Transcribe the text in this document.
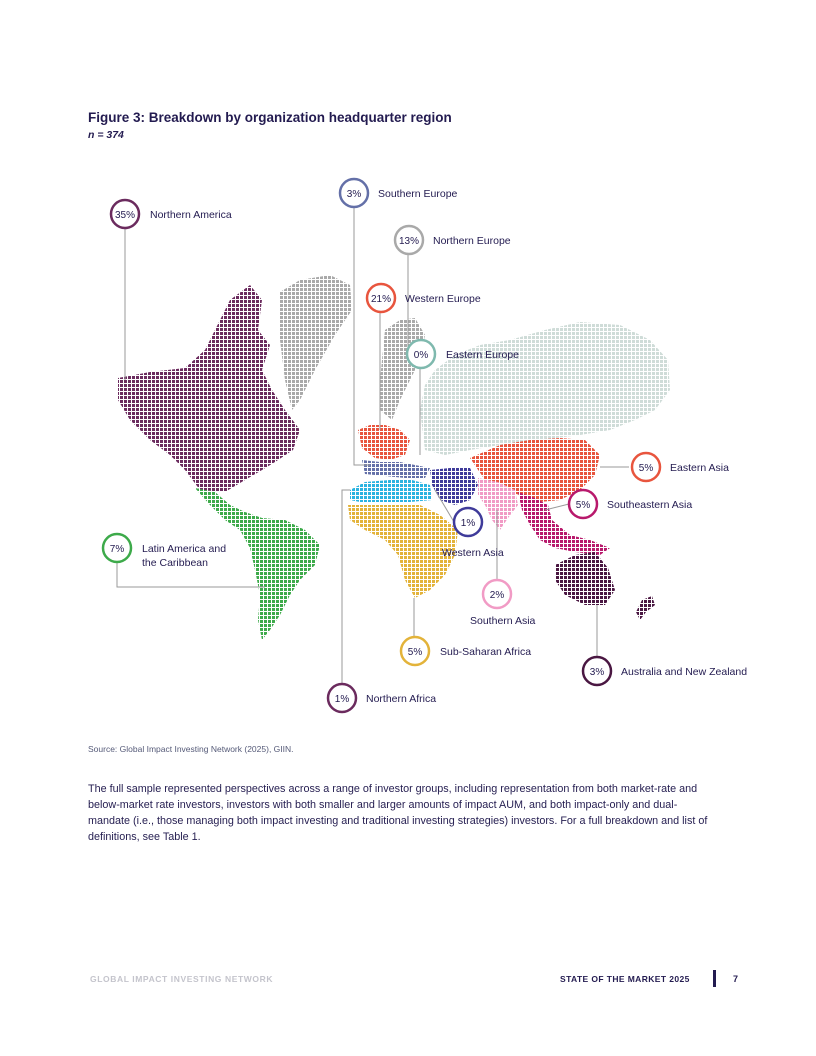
Figure 3: Breakdown by organization headquarter region
n = 374
35% Northern America
3% Southern Europe
13% Northern Europe
21% Western Europe
0% Eastern Europe
5% Eastern Asia
5% Southeastern Asia
1%
Western Asia
2%
Southern Asia
7% Latin America and
the Caribbean
5% Sub-Saharan Africa
1% Northern Africa
3% Australia and New Zealand
Source: Global Impact Investing Network (2025), GIIN.
The full sample represented perspectives across a range of investor groups, including representation from both market-rate and below-market rate investors, investors with both smaller and larger amounts of impact AUM, and both impact-only and dual-mandate (i.e., those managing both impact investing and traditional investing strategies) investors. For a full breakdown and list of definitions, see Table 1.
GLOBAL IMPACT INVESTING NETWORK	STATE OF THE MARKET 2025	7
